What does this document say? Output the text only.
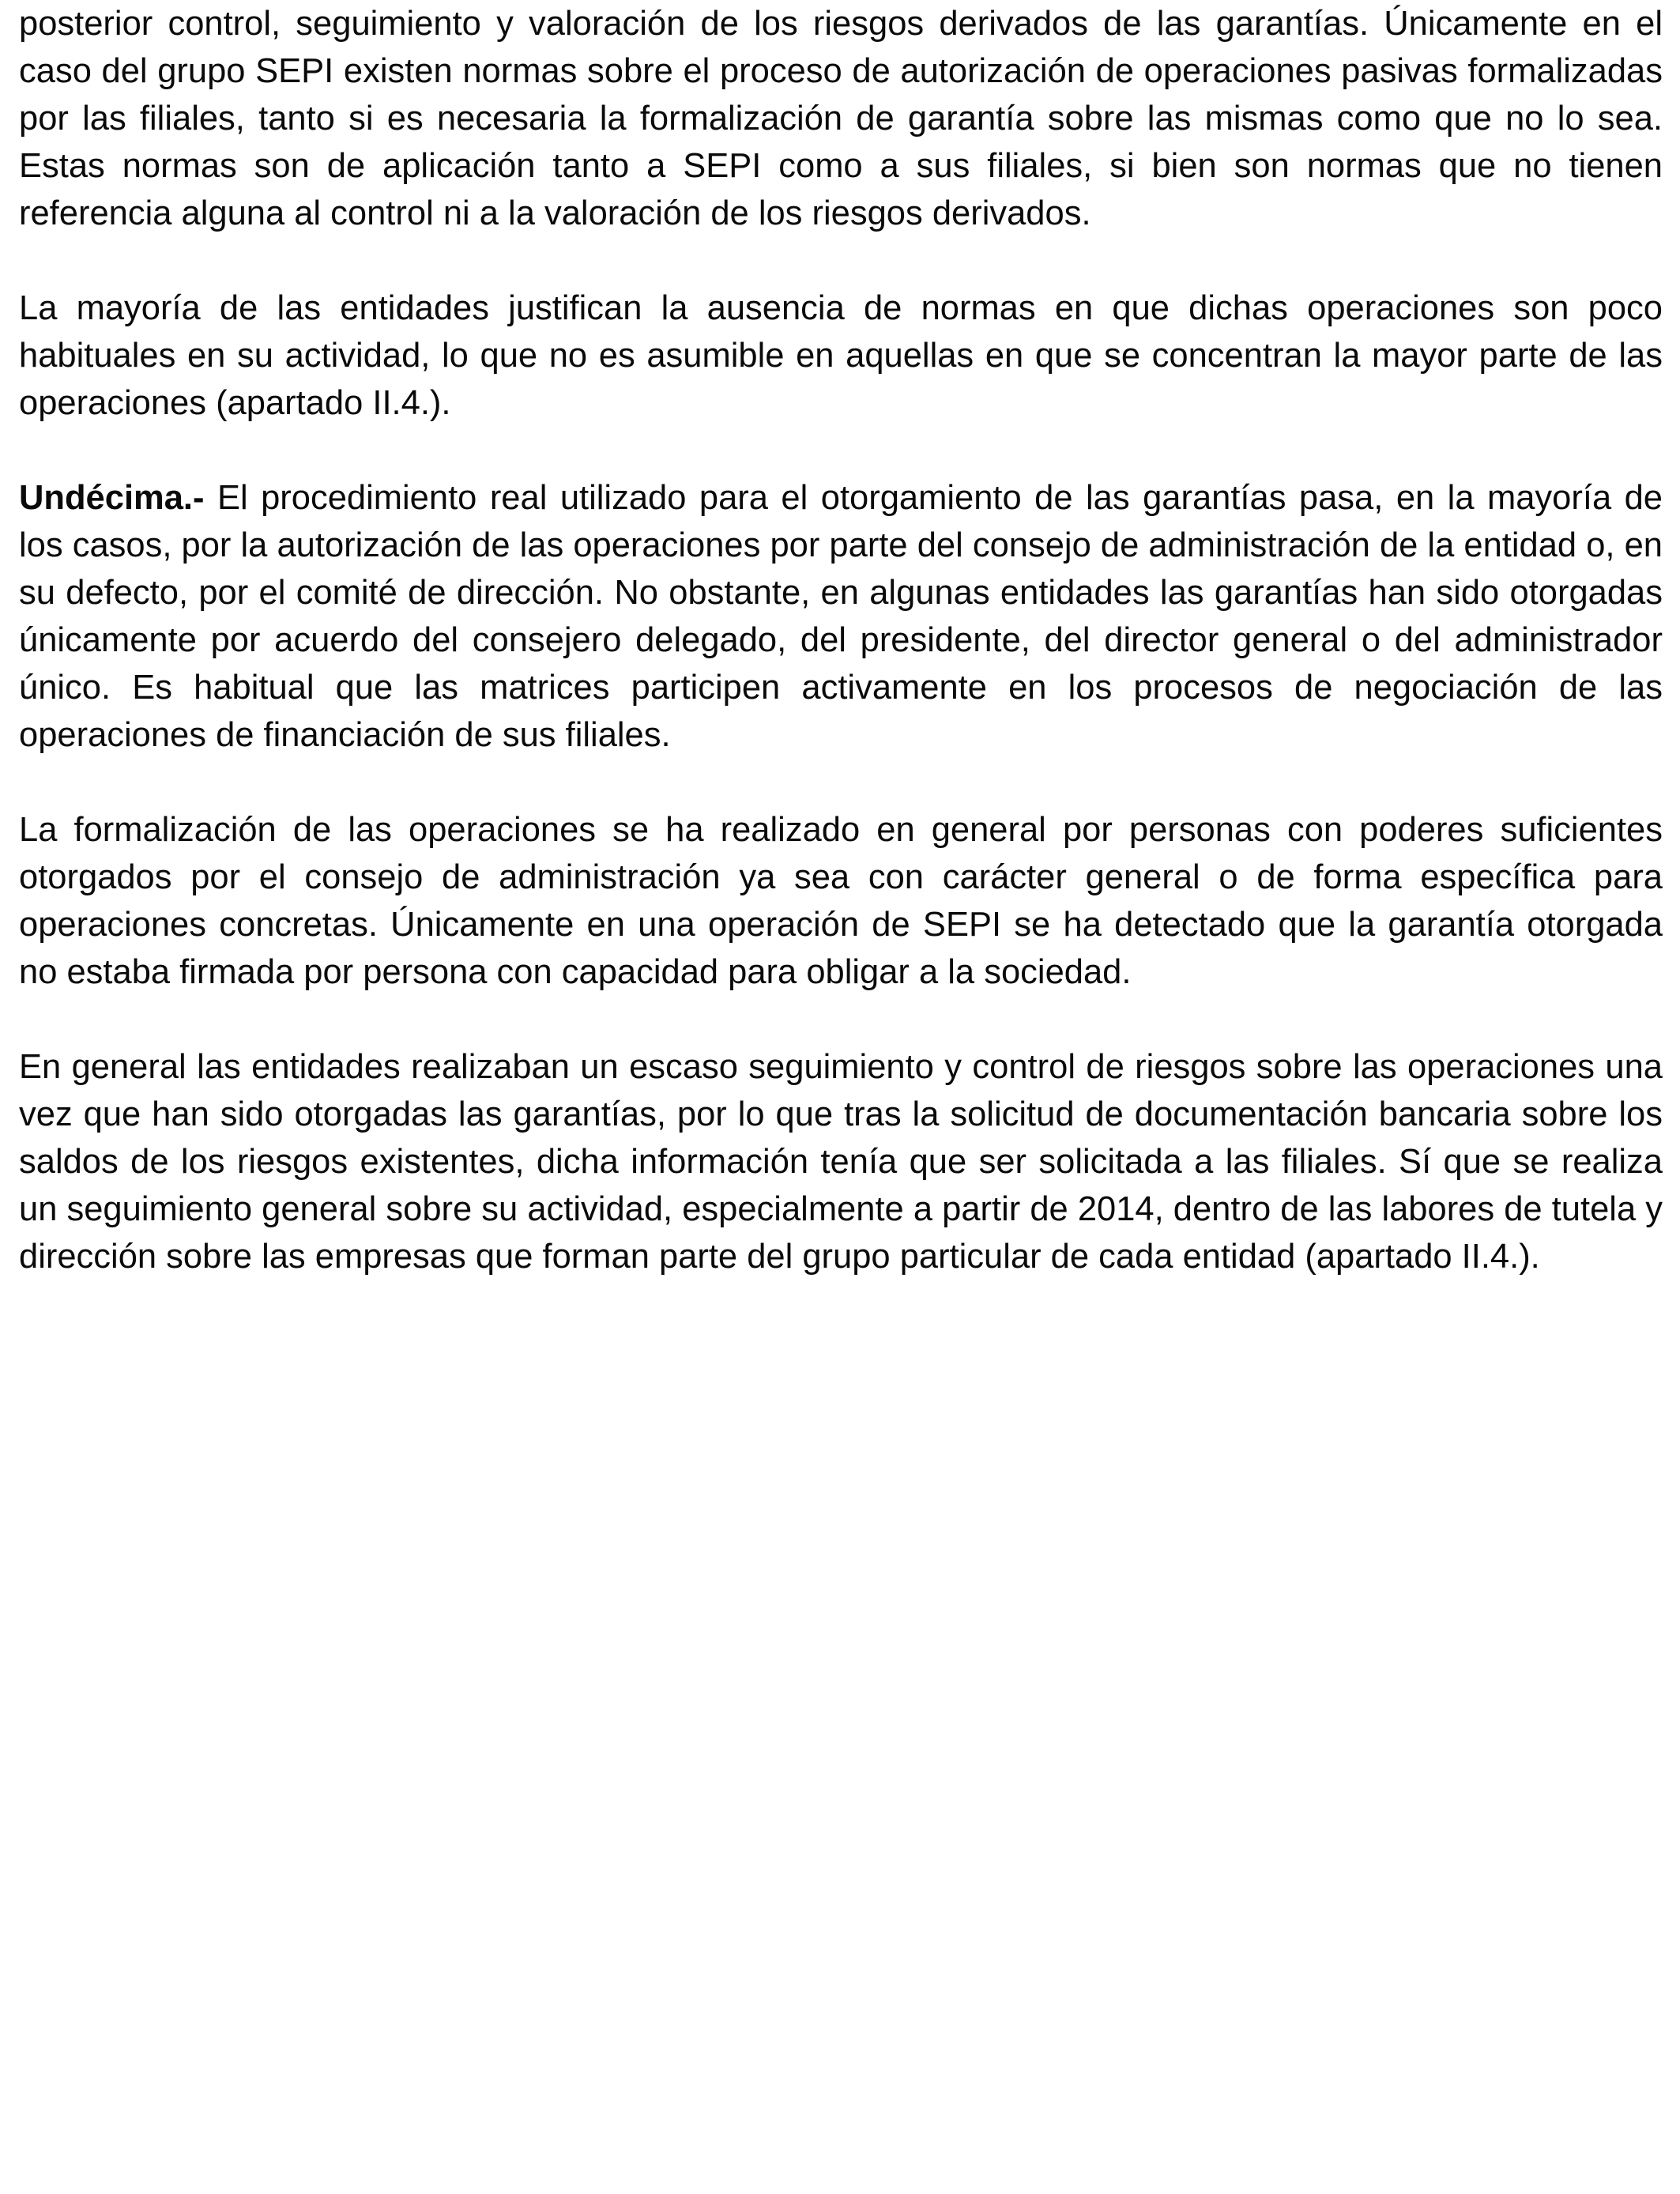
posterior control, seguimiento y valoración de los riesgos derivados de las garantías. Únicamente en el caso del grupo SEPI existen normas sobre el proceso de autorización de operaciones pasivas formalizadas por las filiales, tanto si es necesaria la formalización de garantía sobre las mismas como que no lo sea. Estas normas son de aplicación tanto a SEPI como a sus filiales, si bien son normas que no tienen referencia alguna al control ni a la valoración de los riesgos derivados.

La mayoría de las entidades justifican la ausencia de normas en que dichas operaciones son poco habituales en su actividad, lo que no es asumible en aquellas en que se concentran la mayor parte de las operaciones (apartado II.4.).

Undécima.- El procedimiento real utilizado para el otorgamiento de las garantías pasa, en la mayoría de los casos, por la autorización de las operaciones por parte del consejo de administración de la entidad o, en su defecto, por el comité de dirección. No obstante, en algunas entidades las garantías han sido otorgadas únicamente por acuerdo del consejero delegado, del presidente, del director general o del administrador único. Es habitual que las matrices participen activamente en los procesos de negociación de las operaciones de financiación de sus filiales.

La formalización de las operaciones se ha realizado en general por personas con poderes suficientes otorgados por el consejo de administración ya sea con carácter general o de forma específica para operaciones concretas. Únicamente en una operación de SEPI se ha detectado que la garantía otorgada no estaba firmada por persona con capacidad para obligar a la sociedad.

En general las entidades realizaban un escaso seguimiento y control de riesgos sobre las operaciones una vez que han sido otorgadas las garantías, por lo que tras la solicitud de documentación bancaria sobre los saldos de los riesgos existentes, dicha información tenía que ser solicitada a las filiales. Sí que se realiza un seguimiento general sobre su actividad, especialmente a partir de 2014, dentro de las labores de tutela y dirección sobre las empresas que forman parte del grupo particular de cada entidad (apartado II.4.).
